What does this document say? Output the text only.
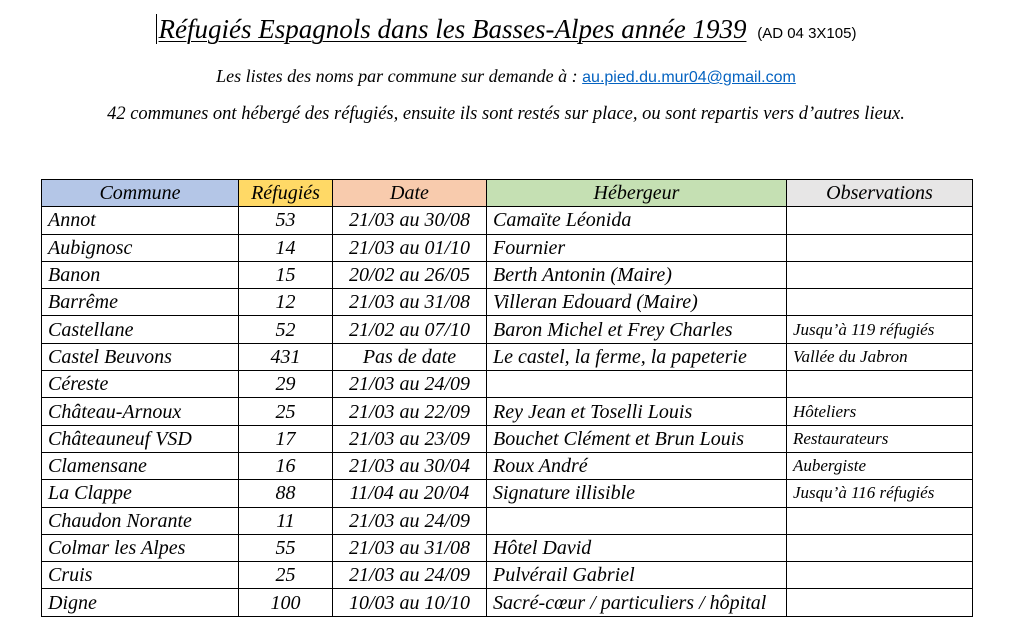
Réfugiés Espagnols dans les Basses-Alpes année 1939 (AD 04 3X105)
Les listes des noms par commune sur demande à : au.pied.du.mur04@gmail.com
42 communes ont hébergé des réfugiés, ensuite ils sont restés sur place, ou sont repartis vers d’autres lieux.
Commune	Réfugiés	Date	Hébergeur	Observations
Annot	53	21/03 au 30/08	Camaïte Léonida	
Aubignosc	14	21/03 au 01/10	Fournier	
Banon	15	20/02 au 26/05	Berth Antonin (Maire)	
Barrême	12	21/03 au 31/08	Villeran Edouard (Maire)	
Castellane	52	21/02 au 07/10	Baron Michel et Frey Charles	Jusqu’à 119 réfugiés
Castel Beuvons	431	Pas de date	Le castel, la ferme, la papeterie	Vallée du Jabron
Céreste	29	21/03 au 24/09		
Château-Arnoux	25	21/03 au 22/09	Rey Jean et Toselli Louis	Hôteliers
Châteauneuf VSD	17	21/03 au 23/09	Bouchet Clément et Brun Louis	Restaurateurs
Clamensane	16	21/03 au 30/04	Roux André	Aubergiste
La Clappe	88	11/04 au 20/04	Signature illisible	Jusqu’à 116 réfugiés
Chaudon Norante	11	21/03 au 24/09		
Colmar les Alpes	55	21/03 au 31/08	Hôtel David	
Cruis	25	21/03 au 24/09	Pulvérail Gabriel	
Digne	100	10/03 au 10/10	Sacré-cœur / particuliers / hôpital	
